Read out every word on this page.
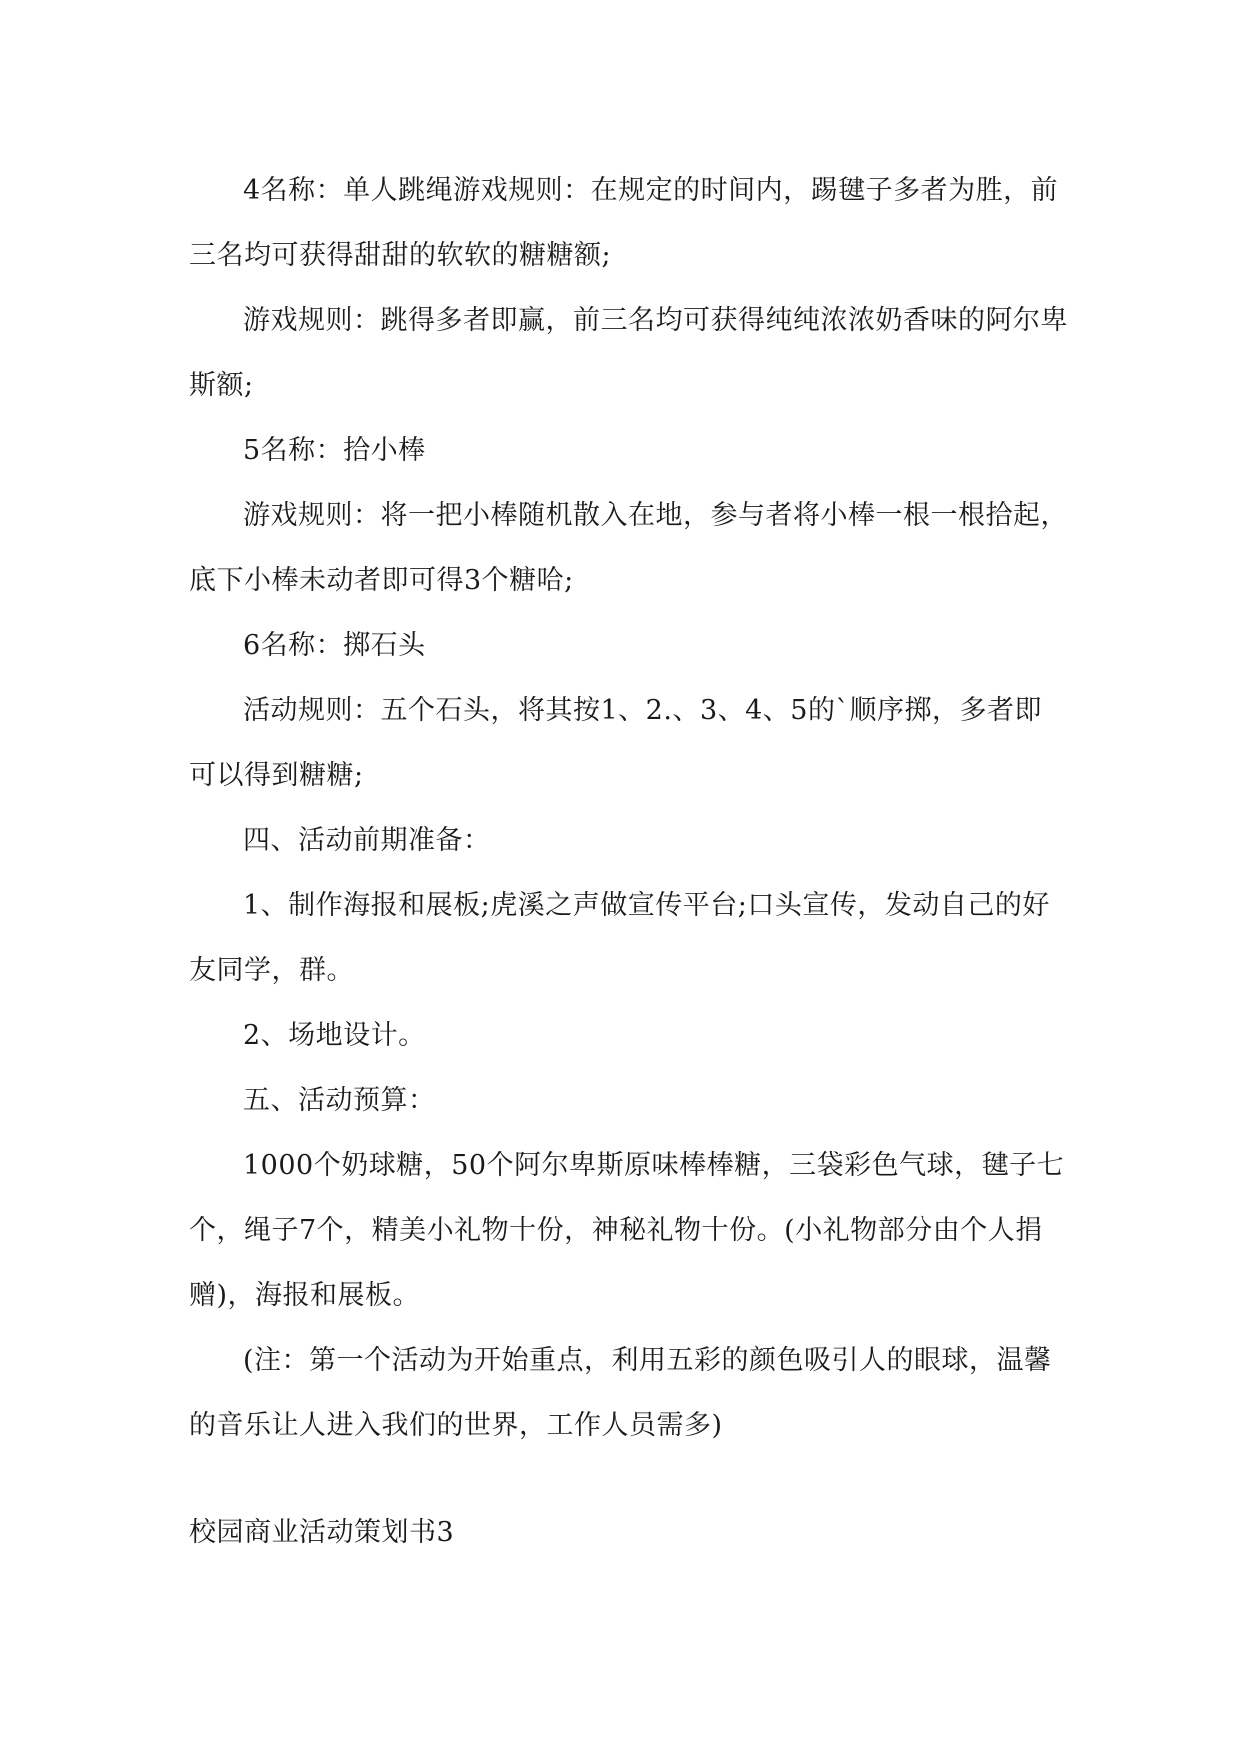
4名称：单人跳绳游戏规则：在规定的时间内，踢毽子多者为胜，前三名均可获得甜甜的软软的糖糖额;

游戏规则：跳得多者即赢，前三名均可获得纯纯浓浓奶香味的阿尔卑斯额;

5名称：拾小棒

游戏规则：将一把小棒随机散入在地，参与者将小棒一根一根拾起，底下小棒未动者即可得3个糖哈;

6名称：掷石头

活动规则：五个石头，将其按1、2.、3、4、5的`顺序掷，多者即可以得到糖糖;

四、活动前期准备：

1、制作海报和展板;虎溪之声做宣传平台;口头宣传，发动自己的好友同学，群。

2、场地设计。

五、活动预算：

1000个奶球糖，50个阿尔卑斯原味棒棒糖，三袋彩色气球，毽子七个，绳子7个，精美小礼物十份，神秘礼物十份。(小礼物部分由个人捐赠)，海报和展板。

(注：第一个活动为开始重点，利用五彩的颜色吸引人的眼球，温馨的音乐让人进入我们的世界，工作人员需多)

校园商业活动策划书3
